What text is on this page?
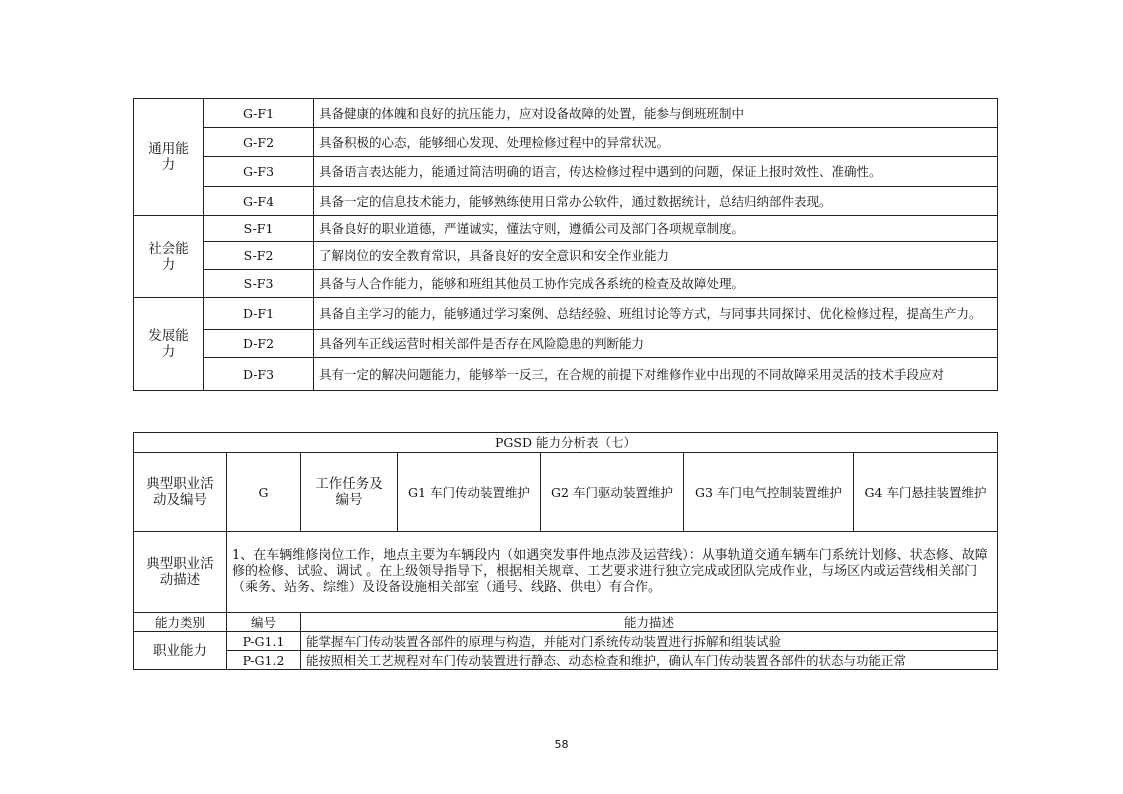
通用能力	G-F1	具备健康的体魄和良好的抗压能力，应对设备故障的处置，能参与倒班班制中
	G-F2	具备积极的心态，能够细心发现、处理检修过程中的异常状况。
	G-F3	具备语言表达能力，能通过简洁明确的语言，传达检修过程中遇到的问题，保证上报时效性、准确性。
	G-F4	具备一定的信息技术能力，能够熟练使用日常办公软件，通过数据统计，总结归纳部件表现。
社会能力	S-F1	具备良好的职业道德，严谨诚实，懂法守则，遵循公司及部门各项规章制度。
	S-F2	了解岗位的安全教育常识，具备良好的安全意识和安全作业能力
	S-F3	具备与人合作能力，能够和班组其他员工协作完成各系统的检查及故障处理。
发展能力	D-F1	具备自主学习的能力，能够通过学习案例、总结经验、班组讨论等方式，与同事共同探讨、优化检修过程，提高生产力。
	D-F2	具备列车正线运营时相关部件是否存在风险隐患的判断能力
	D-F3	具有一定的解决问题能力，能够举一反三，在合规的前提下对维修作业中出现的不同故障采用灵活的技术手段应对
PGSD 能力分析表（七）						
典型职业活动及编号	G	工作任务及编号	G1 车门传动装置维护	G2 车门驱动装置维护	G3 车门电气控制装置维护	G4 车门悬挂装置维护
典型职业活动描述	1、在车辆维修岗位工作，地点主要为车辆段内（如遇突发事件地点涉及运营线）：从事轨道交通车辆车门系统计划修、状态修、故障修的检修、试验、调试 。在上级领导指导下，根据相关规章、工艺要求进行独立完成或团队完成作业，与场区内或运营线相关部门（乘务、站务、综维）及设备设施相关部室（通号、线路、供电）有合作。					
能力类别	编号	能力描述				
职业能力	P-G1.1	能掌握车门传动装置各部件的原理与构造，并能对门系统传动装置进行拆解和组装试验				
	P-G1.2	能按照相关工艺规程对车门传动装置进行静态、动态检查和维护，确认车门传动装置各部件的状态与功能正常				
58
